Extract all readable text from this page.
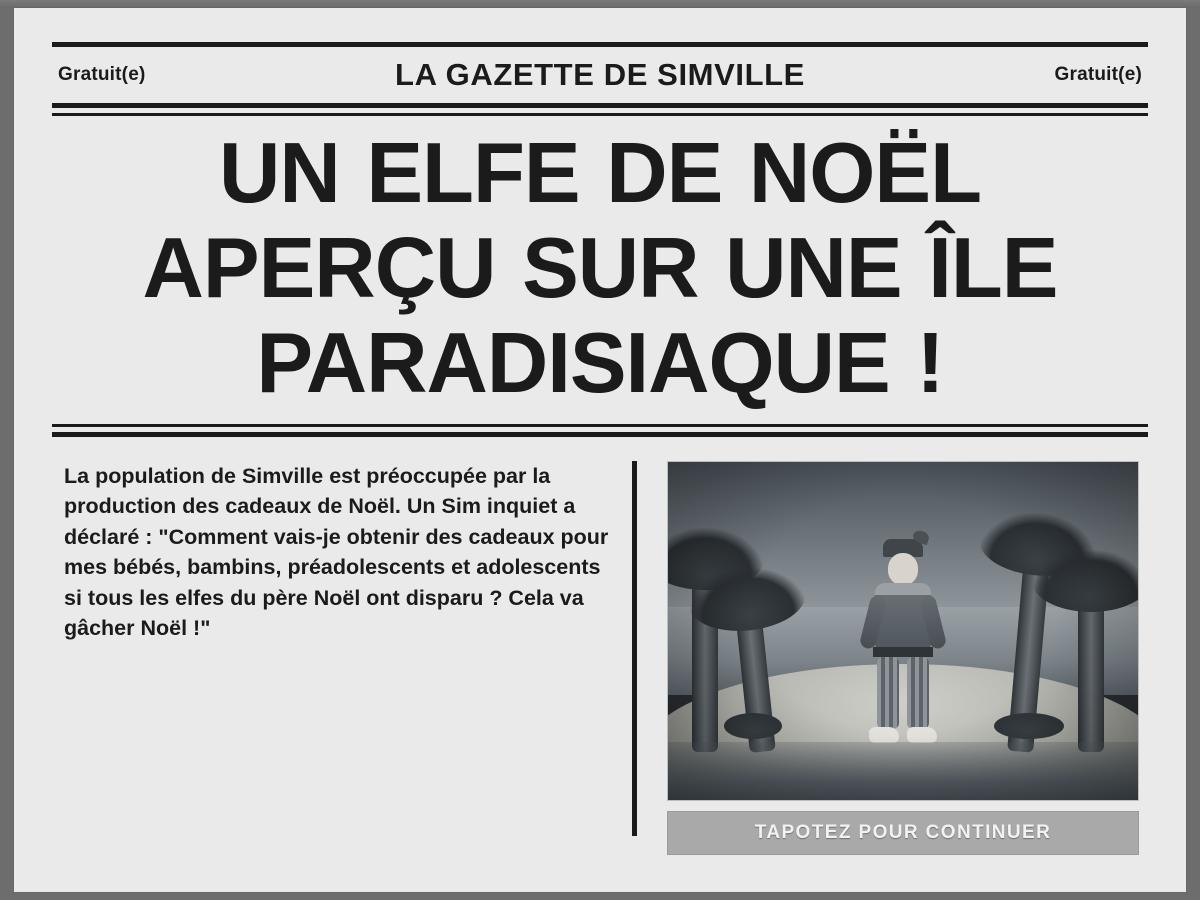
Gratuit(e)	LA GAZETTE DE SIMVILLE	Gratuit(e)
UN ELFE DE NOËL APERÇU SUR UNE ÎLE PARADISIAQUE !

La population de Simville est préoccupée par la production des cadeaux de Noël. Un Sim inquiet a déclaré : "Comment vais-je obtenir des cadeaux pour mes bébés, bambins, préadolescents et adolescents si tous les elfes du père Noël ont disparu ? Cela va gâcher Noël !"

TAPOTEZ POUR CONTINUER
